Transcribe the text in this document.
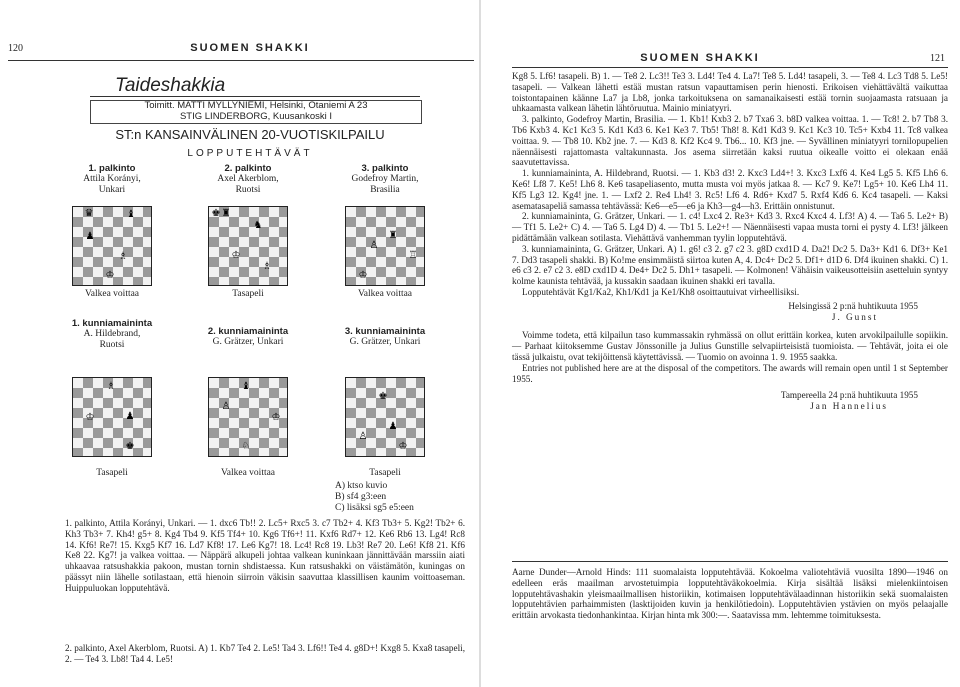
120	SUOMEN SHAKKI
Taideshakkia
Toimitt. MATTI MYLLYNIEMI, Helsinki, Otaniemi A 23
STIG LINDERBORG, Kuusankoski I
ST:n KANSAINVÄLINEN 20-VUOTISKILPAILU
LOPPUTEHTÄVÄT
1. palkinto
Attila Korányi,
Unkari
2. palkinto
Axel Akerblom,
Ruotsi
3. palkinto
Godefroy Martin,
Brasilia
♛	♝
♟
♗
♔
♚ ♜
♞
♔
♗
♜
♙
♖
♔
Valkea voittaa	Tasapeli	Valkea voittaa
1. kunniamaininta
A. Hildebrand,
Ruotsi
2. kunniamaininta
G. Grätzer, Unkari
3. kunniamaininta
G. Grätzer, Unkari
♗
♔	♟
♚
♝
♙
♔
♘
♚
♟
♙
♔
Tasapeli	Valkea voittaa	Tasapeli
A) ktso kuvio
B) sf4 g3:een
C) lisäksi sg5 e5:een
1. palkinto, Attila Korányi, Unkari. — 1. dxc6 Tb!! 2. Lc5+ Rxc5 3. c7 Tb2+ 4. Kf3 Tb3+ 5. Kg2! Tb2+ 6. Kh3 Tb3+ 7. Kh4! g5+ 8. Kg4 Tb4 9. Kf5 Tf4+ 10. Kg6 Tf6+! 11. Kxf6 Rd7+ 12. Ke6 Rb6 13. Lg4! Rc8 14. Kf6! Re7! 15. Kxg5 Kf7 16. Ld7 Kf8! 17. Le6 Kg7! 18. Lc4! Rc8 19. Lb3! Re7 20. Le6! Kf8 21. Kf6 Ke8 22. Kg7! ja valkea voittaa. — Näppärä alkupeli johtaa valkean kuninkaan jännittävään marssiin aiati uhkaavaa ratsushakkia pakoon, mustan tornin shdistaessa. Kun ratsushakki on väistämätön, kuningas on päässyt niin lähelle sotilastaan, että hienoin siirroin väkisin saavuttaa klassillisen kaunim voittoaseman. Huippuluokan lopputehtävä.
2. palkinto, Axel Akerblom, Ruotsi. A) 1. Kb7 Te4 2. Le5! Ta4 3. Lf6!! Te4 4. g8D+! Kxg8 5. Kxa8 tasapeli, 2. — Te4 3. Lb8! Ta4 4. Le5!
SUOMEN SHAKKI	121
Kg8 5. Lf6! tasapeli. B) 1. — Te8 2. Lc3!! Te3 3. Ld4! Te4 4. La7! Te8 5. Ld4! tasapeli, 3. — Te8 4. Lc3 Td8 5. Le5! tasapeli. — Valkean lähetti estää mustan ratsun vapauttamisen perin hienosti. Erikoisen viehättävältä vaikuttaa toistontapainen käänne La7 ja Lb8, jonka tarkoituksena on samanaikaisesti estää tornin suojaamasta ratsuaan ja uhkaamasta valkean lähetin lähtöruutua. Mainio miniatyyri.
3. palkinto, Godefroy Martin, Brasilia. — 1. Kb1! Kxb3 2. b7 Txa6 3. b8D valkea voittaa. 1. — Tc8! 2. b7 Tb8 3. Tb6 Kxb3 4. Kc1 Kc3 5. Kd1 Kd3 6. Ke1 Ke3 7. Tb5! Th8! 8. Kd1 Kd3 9. Kc1 Kc3 10. Tc5+ Kxb4 11. Tc8 valkea voittaa. 9. — Tb8 10. Kb2 jne. 7. — Kd3 8. Kf2 Kc4 9. Tb6... 10. Kf3 jne. — Syvällinen miniatyyri tornilopupelien näennäisesti rajattomasta valtakunnasta. Jos asema siirretään kaksi ruutua oikealle voitto ei olekaan enää saavutettavissa.
1. kunniamaininta, A. Hildebrand, Ruotsi. — 1. Kb3 d3! 2. Kxc3 Ld4+! 3. Kxc3 Lxf6 4. Ke4 Lg5 5. Kf5 Lh6 6. Ke6! Lf8 7. Ke5! Lh6 8. Ke6 tasapeliasento, mutta musta voi myös jatkaa 8. — Kc7 9. Ke7! Lg5+ 10. Ke6 Lh4 11. Kf5 Lg3 12. Kg4! jne. 1. — Lxf2 2. Re4 Lh4! 3. Rc5! Lf6 4. Rd6+ Kxd7 5. Rxf4 Kd6 6. Kc4 tasapeli. — Kaksi asematasapeliä samassa tehtävässä: Ke6—e5—e6 ja Kh3—g4—h3. Erittäin onnistunut.
2. kunniamaininta, G. Grätzer, Unkari. — 1. c4! Lxc4 2. Re3+ Kd3 3. Rxc4 Kxc4 4. Lf3! A) 4. — Ta6 5. Le2+ B) — Tf1 5. Le2+ C) 4. — Ta6 5. Lg4 D) 4. — Tb1 5. Le2+! — Näennäisesti vapaa musta torni ei pysty 4. Lf3! jälkeen pidättämään valkean sotilasta. Viehättävä vanhemman tyylin lopputehtävä.
3. kunniamaininta, G. Grätzer, Unkari. A) 1. g6! c3 2. g7 c2 3. g8D cxd1D 4. Da2! Dc2 5. Da3+ Kd1 6. Df3+ Ke1 7. Dd3 tasapeli shakki. B) Ko!me ensimmäistä siirtoa kuten A, 4. Dc4+ Dc2 5. Df1+ d1D 6. Df4 ikuinen shakki. C) 1. e6 c3 2. e7 c2 3. e8D cxd1D 4. De4+ Dc2 5. Dh1+ tasapeli. — Kolmonen! Vähäisin vaikeusotteisiin asetteluin syntyy kolme kaunista tehtävää, ja kussakin saadaan ikuinen shakki eri tavalla.
Lopputehtävät Kg1/Ka2, Kh1/Kd1 ja Ke1/Kh8 osoittautuivat virheellisiksi.
Helsingissä 2 p:nä huhtikuuta 1955
J. Gunst
Voimme todeta, että kilpailun taso kummassakin ryhmässä on ollut erittäin korkea, kuten arvokilpailulle sopiikin. — Parhaat kiitoksemme Gustav Jönssonille ja Julius Gunstille selvapiirteisistä tuomioista. — Tehtävät, joita ei ole tässä julkaistu, ovat tekijöittensä käytettävissä. — Tuomio on avoinna 1. 9. 1955 saakka.
Entries not published here are at the disposal of the competitors. The awards will remain open until 1 st September 1955.
Tampereella 24 p:nä huhtikuuta 1955
Jan Hannelius
Aarne Dunder—Arnold Hinds: 111 suomalaista lopputehtävää. Kokoelma valiotehtäviä vuosilta 1890—1946 on edelleen eräs maailman arvostetuimpia lopputehtäväkokoelmia. Kirja sisältää lisäksi mielenkiintoisen lopputehtävashakin yleismaailmallisen historiikin, kotimaisen lopputehtävälaadinnan historiikin sekä suomalaisten lopputehtävien parhaimmisten (lasktijoiden kuvin ja henkilötiedoin). Lopputehtävien ystävien on myös pelaajalle erittäin arvokasta tiedonhankintaa. Kirjan hinta mk 300:—. Saatavissa mm. lehtemme toimituksesta.
